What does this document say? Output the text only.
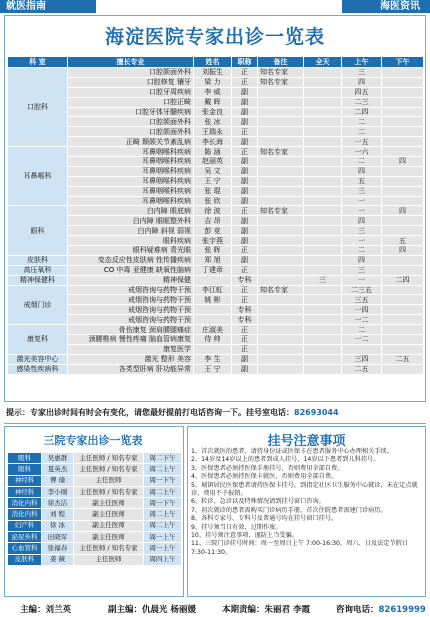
就医指南	海医资讯
海淀医院专家出诊一览表
科 室	擅长专业	姓名	职称	备注	全天	上午	下午
口腔科	口腔颌面外科	刘振生	正	知名专家		三	
	口腔修复 镶牙	梁 力	正	知名专家		四	
	口腔牙周疾病	李 威	副			四五	
	口腔正畸	戴 晖	副			二三	
	口腔牙体牙髓疾病	张金良	副			二四	
	口腔颌面外科	张 冰	副			二	
	口腔颌面外科	王瑞永	正			二	
	正畸 颞颌关节紊乱病	李长海	副			一五	
耳鼻喉科	耳鼻咽喉科疾病	陈 涵	正	知名专家		一六	
	耳鼻咽喉科疾病	赵丽英	副			二	四
	耳鼻咽喉科疾病	吴 文	副			四	
	耳鼻咽喉科疾病	王 宁	副			五	
	耳鼻咽喉科疾病	张 琨	副			三	
	耳鼻咽喉科疾病	张 欣	副			一	
眼科	白内障 眼底病	徐 波	正	知名专家		一	四
	白内障 眼眶整外科	吉 昂	副			四	
	白内障 斜视 弱视	彭 竞	副			三	
	眼科疾病	张宇燕	副			一	五
	眼科疑难病 青光眼	张 晖	正			二	四
皮肤科	变态反应性皮肤病 性传播疾病	郑 旭	副			四	
高压氧科	CO 中毒 亚健康 缺氧性脑病	丁建章	正			三	
精神保健科	精神保健		专科		三	一	二四
戒烟门诊	戒烟咨询与药物干预	李江虹	正	知名专家		二三五	
	戒烟咨询与药物干预	姚 彬	正			三五	
	戒烟咨询与药物干预		专科			一四	
	戒烟咨询与药物干预		专科			一二	
康复科	骨伤康复 颈肩腰腿痛症	庄淑美	正			二	
	颈腰椎病 慢性疼痛 脑血管病康复	侍 帅	正			一二	
	康复医学		正				
激光美容中心	激光 整形 美容	李 生	副			三四	二五
感染性疾病科	各类型肝病 肝功能异常	王 宁	副			二五	
提示：专家出诊时间有时会有变化，请您最好提前打电话咨询一下。挂号室电话：82693044
三院专家出诊一览表
眼科	吴惠群	主任医师 / 知名专家	周二下午
眼科	夏英杰	主任医师 / 知名专家	周二上午
神经科	傅 瑜	主任医师	周一下午
神经科	李小刚	主任医师 / 知名专家	周二上午
消化内科	徐杰洁	副主任医师	周一下午
消化内科	刘 程	副主任医师	周二上午
妇产科	徐 冰	副主任医师	周二上午
泌尿外科	田晓军	副主任医师	周一上午
心血管科	张福春	主任医师 / 知名专家	周一上午
皮肤科	姜 薇	主任医师	周四上午
挂号注意事项
1、首次就医的患者，请持身份证或医保卡在患者服务中心办理相关手续。
2、14岁及14岁以上的患者到成人挂号，14岁以下患者到儿科挂号。
3、医保患者必须持医保手册挂号，否则费用全部自费。
4、医保患者必须持医保卡就医，否则费用全部自费。
5、城镇居民医保患者请持医保卡挂号，到指定社区卫生服务中心就诊，未在定点就诊，费用不予报销。
6、转诊、急诊以及特殊情况请到挂号窗口咨询。
7、初次就诊的患者需购买门诊病历手册，首次住院患者需建门诊病历。
8、各科专家号、专科号及普通号均在挂号窗口挂号。
9、挂号须当日有效，过期作废。
10、挂号须注意事项，谨防上当受骗。
11、三院门诊挂号时间：周一至周日上午 7:00-16:30，周六、日及法定节假日 7:30-11:30。
主编：刘兰英	副主编：仇晨光 杨丽媛	本期责编：朱丽君 李霞	咨询电话：82619999
